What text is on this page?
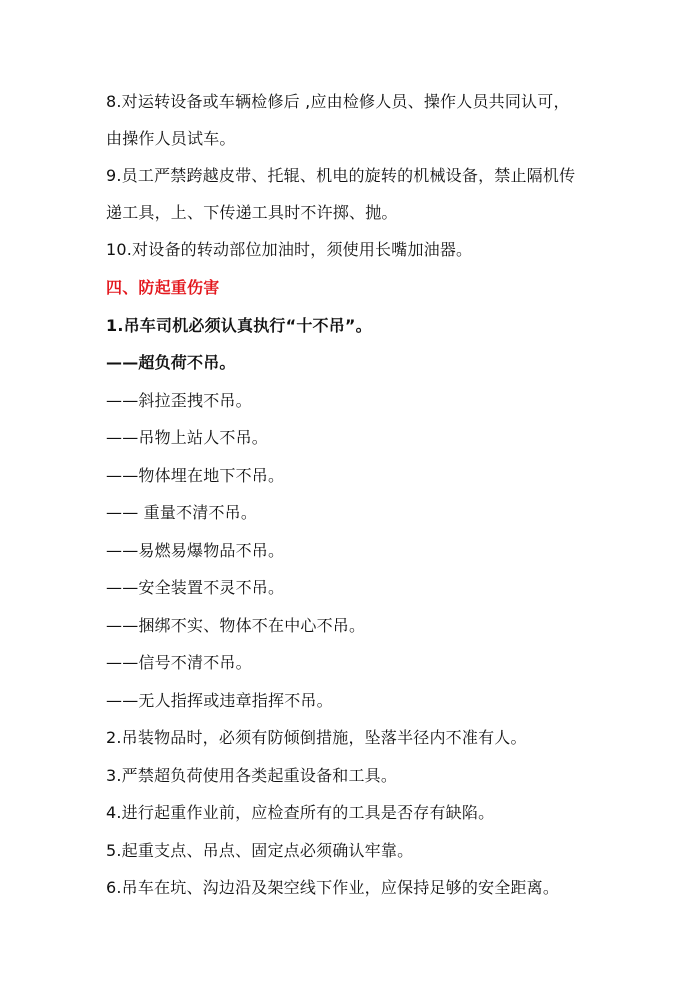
8.对运转设备或车辆检修后 ,应由检修人员、操作人员共同认可，
由操作人员试车。
9.员工严禁跨越皮带、托辊、机电的旋转的机械设备，禁止隔机传
递工具，上、下传递工具时不许掷、抛。
10.对设备的转动部位加油时，须使用长嘴加油器。
四、防起重伤害
1.吊车司机必须认真执行“十不吊”。
——超负荷不吊。
——斜拉歪拽不吊。
——吊物上站人不吊。
——物体埋在地下不吊。
—— 重量不清不吊。
——易燃易爆物品不吊。
——安全装置不灵不吊。
——捆绑不实、物体不在中心不吊。
——信号不清不吊。
——无人指挥或违章指挥不吊。
2.吊装物品时，必须有防倾倒措施，坠落半径内不准有人。
3.严禁超负荷使用各类起重设备和工具。
4.进行起重作业前，应检查所有的工具是否存有缺陷。
5.起重支点、吊点、固定点必须确认牢靠。
6.吊车在坑、沟边沿及架空线下作业，应保持足够的安全距离。
